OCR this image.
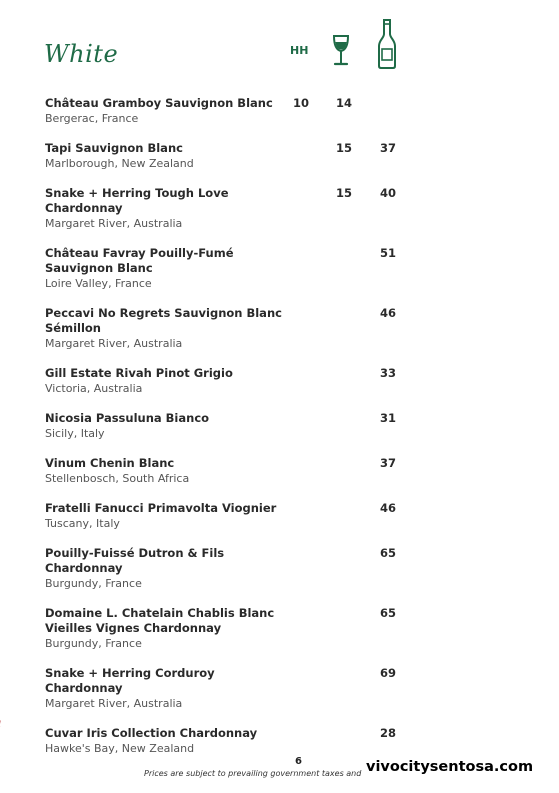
White	HH
Château Gramboy Sauvignon Blanc
Bergerac, France
10 14
Tapi Sauvignon Blanc
Marlborough, New Zealand
15 37
Snake + Herring Tough Love Chardonnay
Margaret River, Australia
15 40
Château Favray Pouilly-Fumé Sauvignon Blanc
Loire Valley, France
51
Peccavi No Regrets Sauvignon Blanc Sémillon
Margaret River, Australia
46
Gill Estate Rivah Pinot Grigio
Victoria, Australia
33
Nicosia Passuluna Bianco
Sicily, Italy
31
Vinum Chenin Blanc
Stellenbosch, South Africa
37
Fratelli Fanucci Primavolta Viognier
Tuscany, Italy
46
Pouilly-Fuissé Dutron & Fils Chardonnay
Burgundy, France
65
Domaine L. Chatelain Chablis Blanc Vieilles Vignes Chardonnay
Burgundy, France
65
Snake + Herring Corduroy Chardonnay
Margaret River, Australia
69
Cuvar Iris Collection Chardonnay
Hawke's Bay, New Zealand
28
6
Prices are subject to prevailing government taxes and vivocitysentosa.com
